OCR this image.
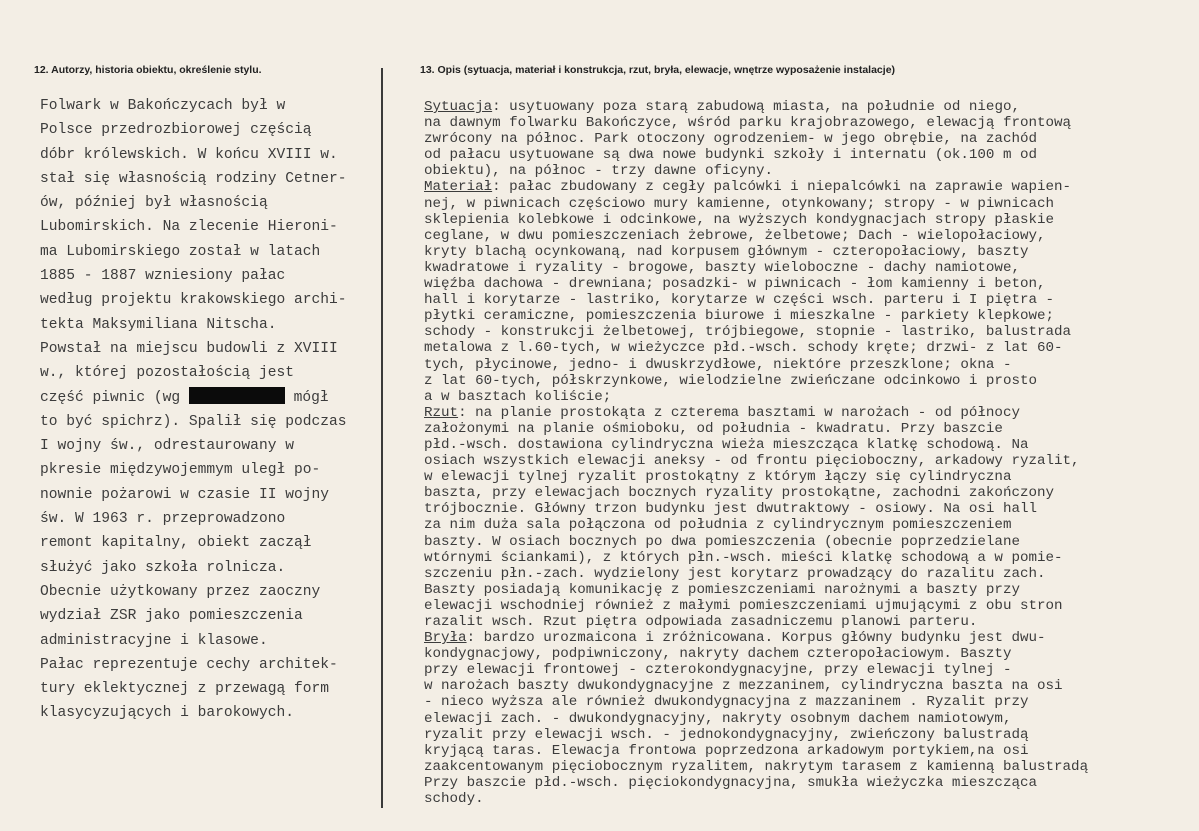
12. Autorzy, historia obiektu, określenie stylu.	13. Opis (sytuacja, materiał i konstrukcja, rzut, bryła, elewacje, wnętrze wyposażenie instalacje)
Folwark w Bakończycach był w
Polsce przedrozbiorowej częścią
dóbr królewskich. W końcu XVIII w.
stał się własnością rodziny Cetner-
ów, później był własnością
Lubomirskich. Na zlecenie Hieroni-
ma Lubomirskiego został w latach
1885 - 1887 wzniesiony pałac
według projektu krakowskiego archi-
tekta Maksymiliana Nitscha.
Powstał na miejscu budowli z XVIII
w., której pozostałością jest
część piwnic (wg	mógł
to być spichrz). Spalił się podczas
I wojny św., odrestaurowany w
pkresie międzywojemmym uległ po-
nownie pożarowi w czasie II wojny
św. W 1963 r. przeprowadzono
remont kapitalny, obiekt zaczął
służyć jako szkoła rolnicza.
Obecnie użytkowany przez zaoczny
wydział ZSR jako pomieszczenia
administracyjne i klasowe.
Pałac reprezentuje cechy architek-
tury eklektycznej z przewagą form
klasycyzujących i barokowych.
Sytuacja: usytuowany poza starą zabudową miasta, na południe od niego,
na dawnym folwarku Bakończyce, wśród parku krajobrazowego, elewacją frontową
zwrócony na północ. Park otoczony ogrodzeniem- w jego obrębie, na zachód
od pałacu usytuowane są dwa nowe budynki szkoły i internatu (ok.100 m od
obiektu), na północ - trzy dawne oficyny.
Materiał: pałac zbudowany z cegły palcówki i niepalcówki na zaprawie wapien-
nej, w piwnicach częściowo mury kamienne, otynkowany; stropy - w piwnicach
sklepienia kolebkowe i odcinkowe, na wyższych kondygnacjach stropy płaskie
ceglane, w dwu pomieszczeniach żebrowe, żelbetowe; Dach - wielopołaciowy,
kryty blachą ocynkowaną, nad korpusem głównym - czteropołaciowy, baszty
kwadratowe i ryzality - brogowe, baszty wieloboczne - dachy namiotowe,
więźba dachowa - drewniana; posadzki- w piwnicach - łom kamienny i beton,
hall i korytarze - lastriko, korytarze w części wsch. parteru i I piętra -
płytki ceramiczne, pomieszczenia biurowe i mieszkalne - parkiety klepkowe;
schody - konstrukcji żelbetowej, trójbiegowe, stopnie - lastriko, balustrada
metalowa z l.60-tych, w wieżyczce płd.-wsch. schody kręte; drzwi- z lat 60-
tych, płycinowe, jedno- i dwuskrzydłowe, niektóre przeszklone; okna -
z lat 60-tych, półskrzynkowe, wielodzielne zwieńczane odcinkowo i prosto
a w basztach koliście;
Rzut: na planie prostokąta z czterema basztami w narożach - od północy
założonymi na planie ośmioboku, od południa - kwadratu. Przy baszcie
płd.-wsch. dostawiona cylindryczna wieża mieszcząca klatkę schodową. Na
osiach wszystkich elewacji aneksy - od frontu pięcioboczny, arkadowy ryzalit,
w elewacji tylnej ryzalit prostokątny z którym łączy się cylindryczna
baszta, przy elewacjach bocznych ryzality prostokątne, zachodni zakończony
trójbocznie. Główny trzon budynku jest dwutraktowy - osiowy. Na osi hall
za nim duża sala połączona od południa z cylindrycznym pomieszczeniem
baszty. W osiach bocznych po dwa pomieszczenia (obecnie poprzedzielane
wtórnymi ściankami), z których płn.-wsch. mieści klatkę schodową a w pomie-
szczeniu płn.-zach. wydzielony jest korytarz prowadzący do razalitu zach.
Baszty posiadają komunikację z pomieszczeniami narożnymi a baszty przy
elewacji wschodniej również z małymi pomieszczeniami ujmującymi z obu stron
razalit wsch. Rzut piętra odpowiada zasadniczemu planowi parteru.
Bryła: bardzo urozmaicona i zróżnicowana. Korpus główny budynku jest dwu-
kondygnacjowy, podpiwniczony, nakryty dachem czteropołaciowym. Baszty
przy elewacji frontowej - czterokondygnacyjne, przy elewacji tylnej -
w narożach baszty dwukondygnacyjne z mezzaninem, cylindryczna baszta na osi
- nieco wyższa ale również dwukondygnacyjna z mazzaninem . Ryzalit przy
elewacji zach. - dwukondygnacyjny, nakryty osobnym dachem namiotowym,
ryzalit przy elewacji wsch. - jednokondygnacyjny, zwieńczony balustradą
kryjącą taras. Elewacja frontowa poprzedzona arkadowym portykiem,na osi
zaakcentowanym pięciobocznym ryzalitem, nakrytym tarasem z kamienną balustradą
Przy baszcie płd.-wsch. pięciokondygnacyjna, smukła wieżyczka mieszcząca
schody.
